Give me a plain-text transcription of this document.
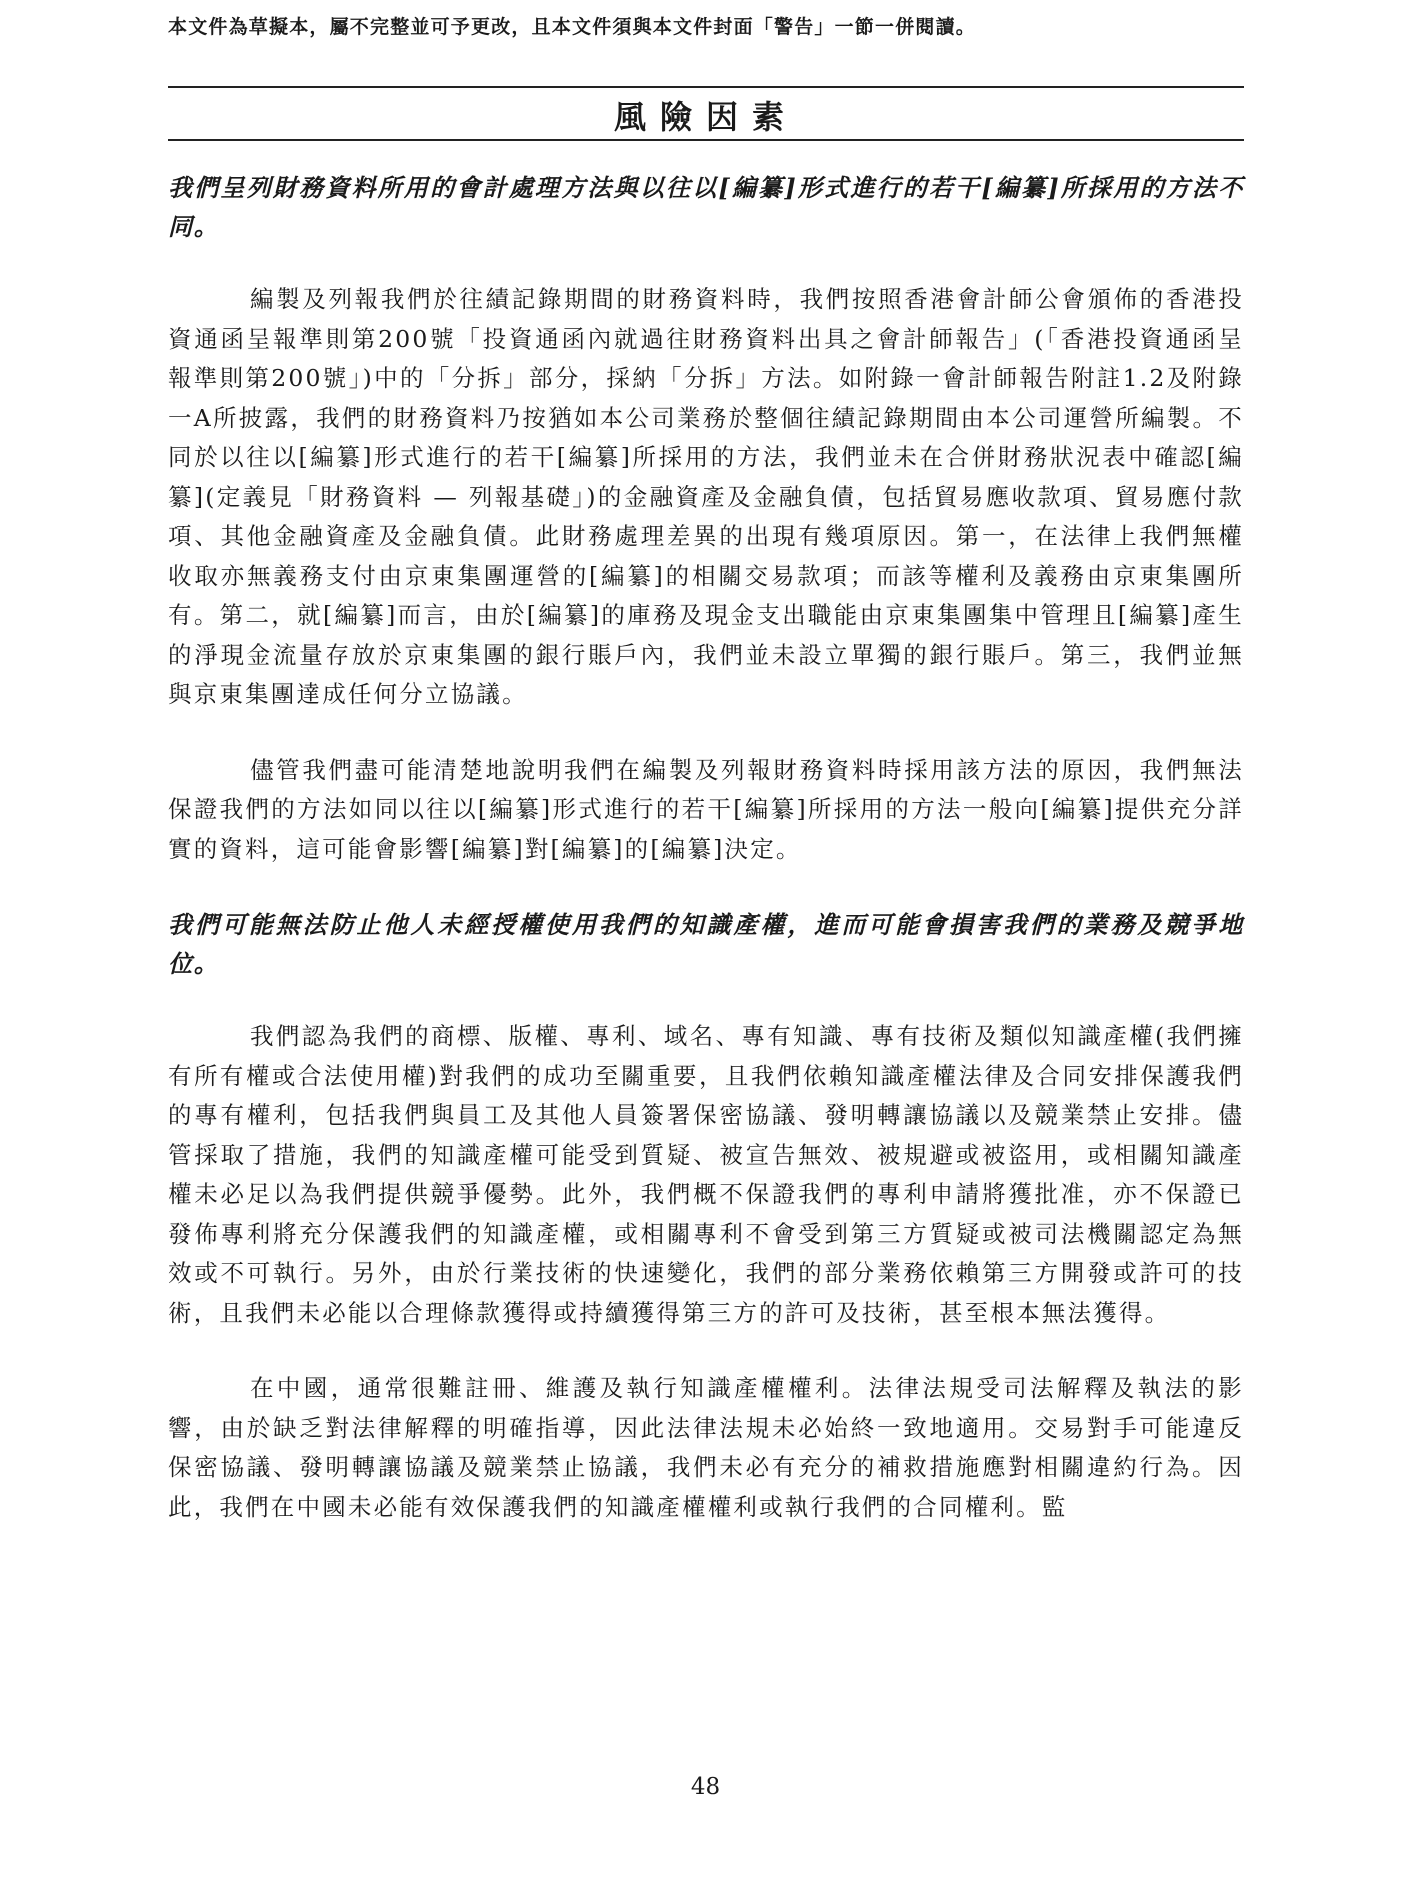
本文件為草擬本，屬不完整並可予更改，且本文件須與本文件封面「警告」一節一併閱讀。
風險因素
我們呈列財務資料所用的會計處理方法與以往以[編纂]形式進行的若干[編纂]所採用的方法不同。
編製及列報我們於往績記錄期間的財務資料時，我們按照香港會計師公會頒佈的香港投資通函呈報準則第200號「投資通函內就過往財務資料出具之會計師報告」(「香港投資通函呈報準則第200號」)中的「分拆」部分，採納「分拆」方法。如附錄一會計師報告附註1.2及附錄一A所披露，我們的財務資料乃按猶如本公司業務於整個往績記錄期間由本公司運營所編製。不同於以往以[編纂]形式進行的若干[編纂]所採用的方法，我們並未在合併財務狀況表中確認[編纂](定義見「財務資料 — 列報基礎」)的金融資產及金融負債，包括貿易應收款項、貿易應付款項、其他金融資產及金融負債。此財務處理差異的出現有幾項原因。第一，在法律上我們無權收取亦無義務支付由京東集團運營的[編纂]的相關交易款項；而該等權利及義務由京東集團所有。第二，就[編纂]而言，由於[編纂]的庫務及現金支出職能由京東集團集中管理且[編纂]產生的淨現金流量存放於京東集團的銀行賬戶內，我們並未設立單獨的銀行賬戶。第三，我們並無與京東集團達成任何分立協議。
儘管我們盡可能清楚地說明我們在編製及列報財務資料時採用該方法的原因，我們無法保證我們的方法如同以往以[編纂]形式進行的若干[編纂]所採用的方法一般向[編纂]提供充分詳實的資料，這可能會影響[編纂]對[編纂]的[編纂]決定。
我們可能無法防止他人未經授權使用我們的知識產權，進而可能會損害我們的業務及競爭地位。
我們認為我們的商標、版權、專利、域名、專有知識、專有技術及類似知識產權(我們擁有所有權或合法使用權)對我們的成功至關重要，且我們依賴知識產權法律及合同安排保護我們的專有權利，包括我們與員工及其他人員簽署保密協議、發明轉讓協議以及競業禁止安排。儘管採取了措施，我們的知識產權可能受到質疑、被宣告無效、被規避或被盜用，或相關知識產權未必足以為我們提供競爭優勢。此外，我們概不保證我們的專利申請將獲批准，亦不保證已發佈專利將充分保護我們的知識產權，或相關專利不會受到第三方質疑或被司法機關認定為無效或不可執行。另外，由於行業技術的快速變化，我們的部分業務依賴第三方開發或許可的技術，且我們未必能以合理條款獲得或持續獲得第三方的許可及技術，甚至根本無法獲得。
在中國，通常很難註冊、維護及執行知識產權權利。法律法規受司法解釋及執法的影響，由於缺乏對法律解釋的明確指導，因此法律法規未必始終一致地適用。交易對手可能違反保密協議、發明轉讓協議及競業禁止協議，我們未必有充分的補救措施應對相關違約行為。因此，我們在中國未必能有效保護我們的知識產權權利或執行我們的合同權利。監
48
